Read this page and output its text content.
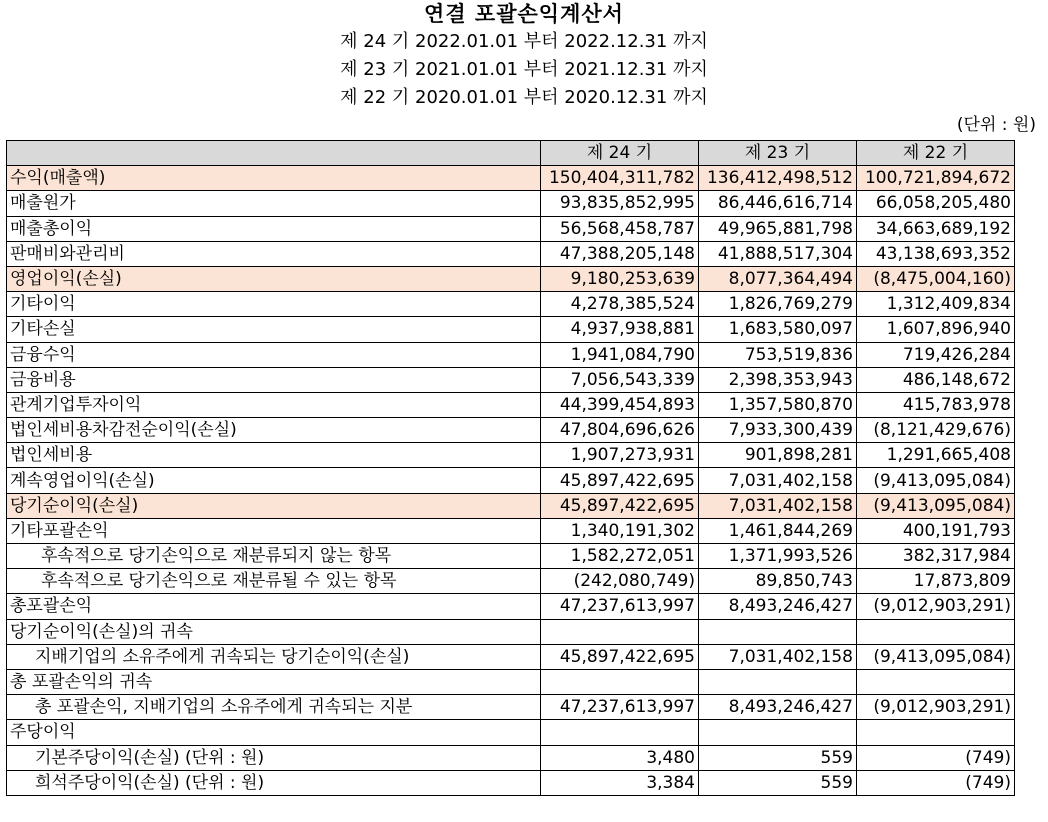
연결 포괄손익계산서
제 24 기 2022.01.01 부터 2022.12.31 까지
제 23 기 2021.01.01 부터 2021.12.31 까지
제 22 기 2020.01.01 부터 2020.12.31 까지
(단위 : 원)
	제 24 기	제 23 기	제 22 기
수익(매출액)	150,404,311,782	136,412,498,512	100,721,894,672
매출원가	93,835,852,995	86,446,616,714	66,058,205,480
매출총이익	56,568,458,787	49,965,881,798	34,663,689,192
판매비와관리비	47,388,205,148	41,888,517,304	43,138,693,352
영업이익(손실)	9,180,253,639	8,077,364,494	(8,475,004,160)
기타이익	4,278,385,524	1,826,769,279	1,312,409,834
기타손실	4,937,938,881	1,683,580,097	1,607,896,940
금융수익	1,941,084,790	753,519,836	719,426,284
금융비용	7,056,543,339	2,398,353,943	486,148,672
관계기업투자이익	44,399,454,893	1,357,580,870	415,783,978
법인세비용차감전순이익(손실)	47,804,696,626	7,933,300,439	(8,121,429,676)
법인세비용	1,907,273,931	901,898,281	1,291,665,408
계속영업이익(손실)	45,897,422,695	7,031,402,158	(9,413,095,084)
당기순이익(손실)	45,897,422,695	7,031,402,158	(9,413,095,084)
기타포괄손익	1,340,191,302	1,461,844,269	400,191,793
후속적으로 당기손익으로 재분류되지 않는 항목	1,582,272,051	1,371,993,526	382,317,984
후속적으로 당기손익으로 재분류될 수 있는 항목	(242,080,749)	89,850,743	17,873,809
총포괄손익	47,237,613,997	8,493,246,427	(9,012,903,291)
당기순이익(손실)의 귀속			
지배기업의 소유주에게 귀속되는 당기순이익(손실)	45,897,422,695	7,031,402,158	(9,413,095,084)
총 포괄손익의 귀속			
총 포괄손익, 지배기업의 소유주에게 귀속되는 지분	47,237,613,997	8,493,246,427	(9,012,903,291)
주당이익			
기본주당이익(손실) (단위 : 원)	3,480	559	(749)
희석주당이익(손실) (단위 : 원)	3,384	559	(749)
